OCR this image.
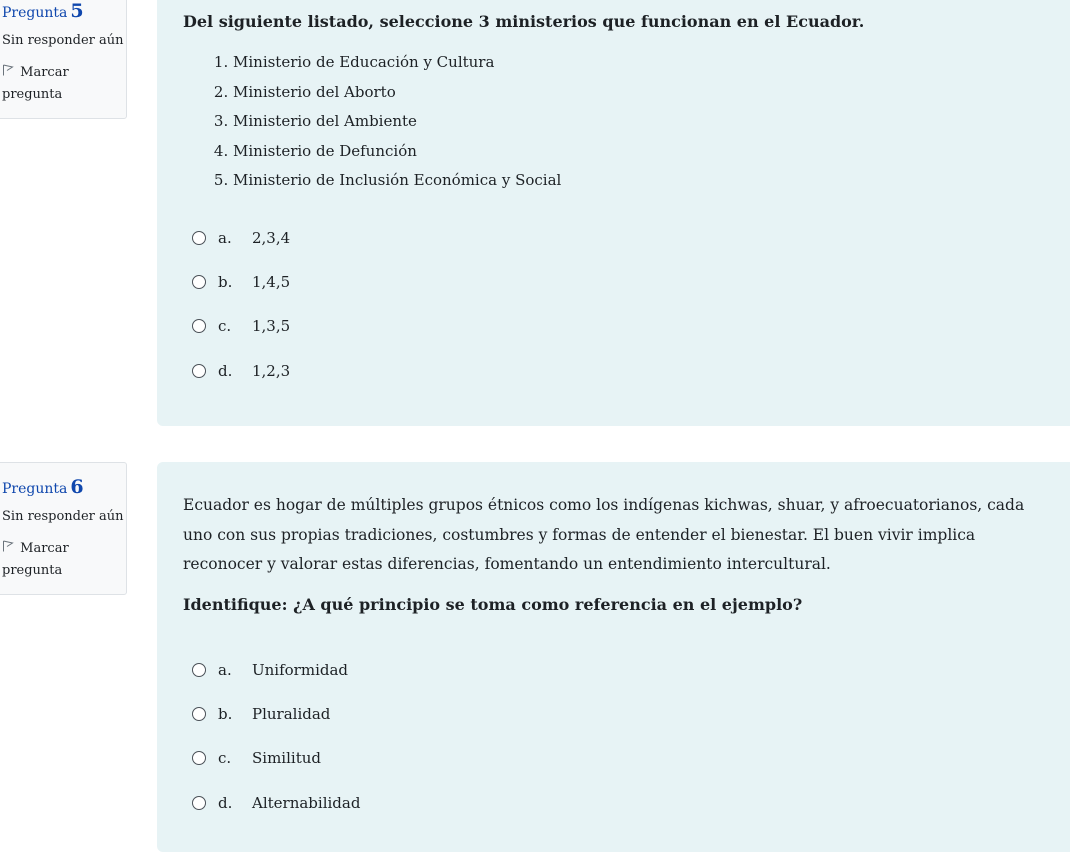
Pregunta 5
Sin responder aún
Marcar pregunta

Del siguiente listado, seleccione 3 ministerios que funcionan en el Ecuador.

1. Ministerio de Educación y Cultura
2. Ministerio del Aborto
3. Ministerio del Ambiente
4. Ministerio de Defunción
5. Ministerio de Inclusión Económica y Social
a.	2,3,4
b.	1,4,5
c.	1,3,5
d.	1,2,3
Pregunta 6
Sin responder aún
Marcar pregunta

Ecuador es hogar de múltiples grupos étnicos como los indígenas kichwas, shuar, y afroecuatorianos, cada uno con sus propias tradiciones, costumbres y formas de entender el bienestar. El buen vivir implica reconocer y valorar estas diferencias, fomentando un entendimiento intercultural.

Identifique: ¿A qué principio se toma como referencia en el ejemplo?

a.	Uniformidad
b.	Pluralidad
c.	Similitud
d.	Alternabilidad
